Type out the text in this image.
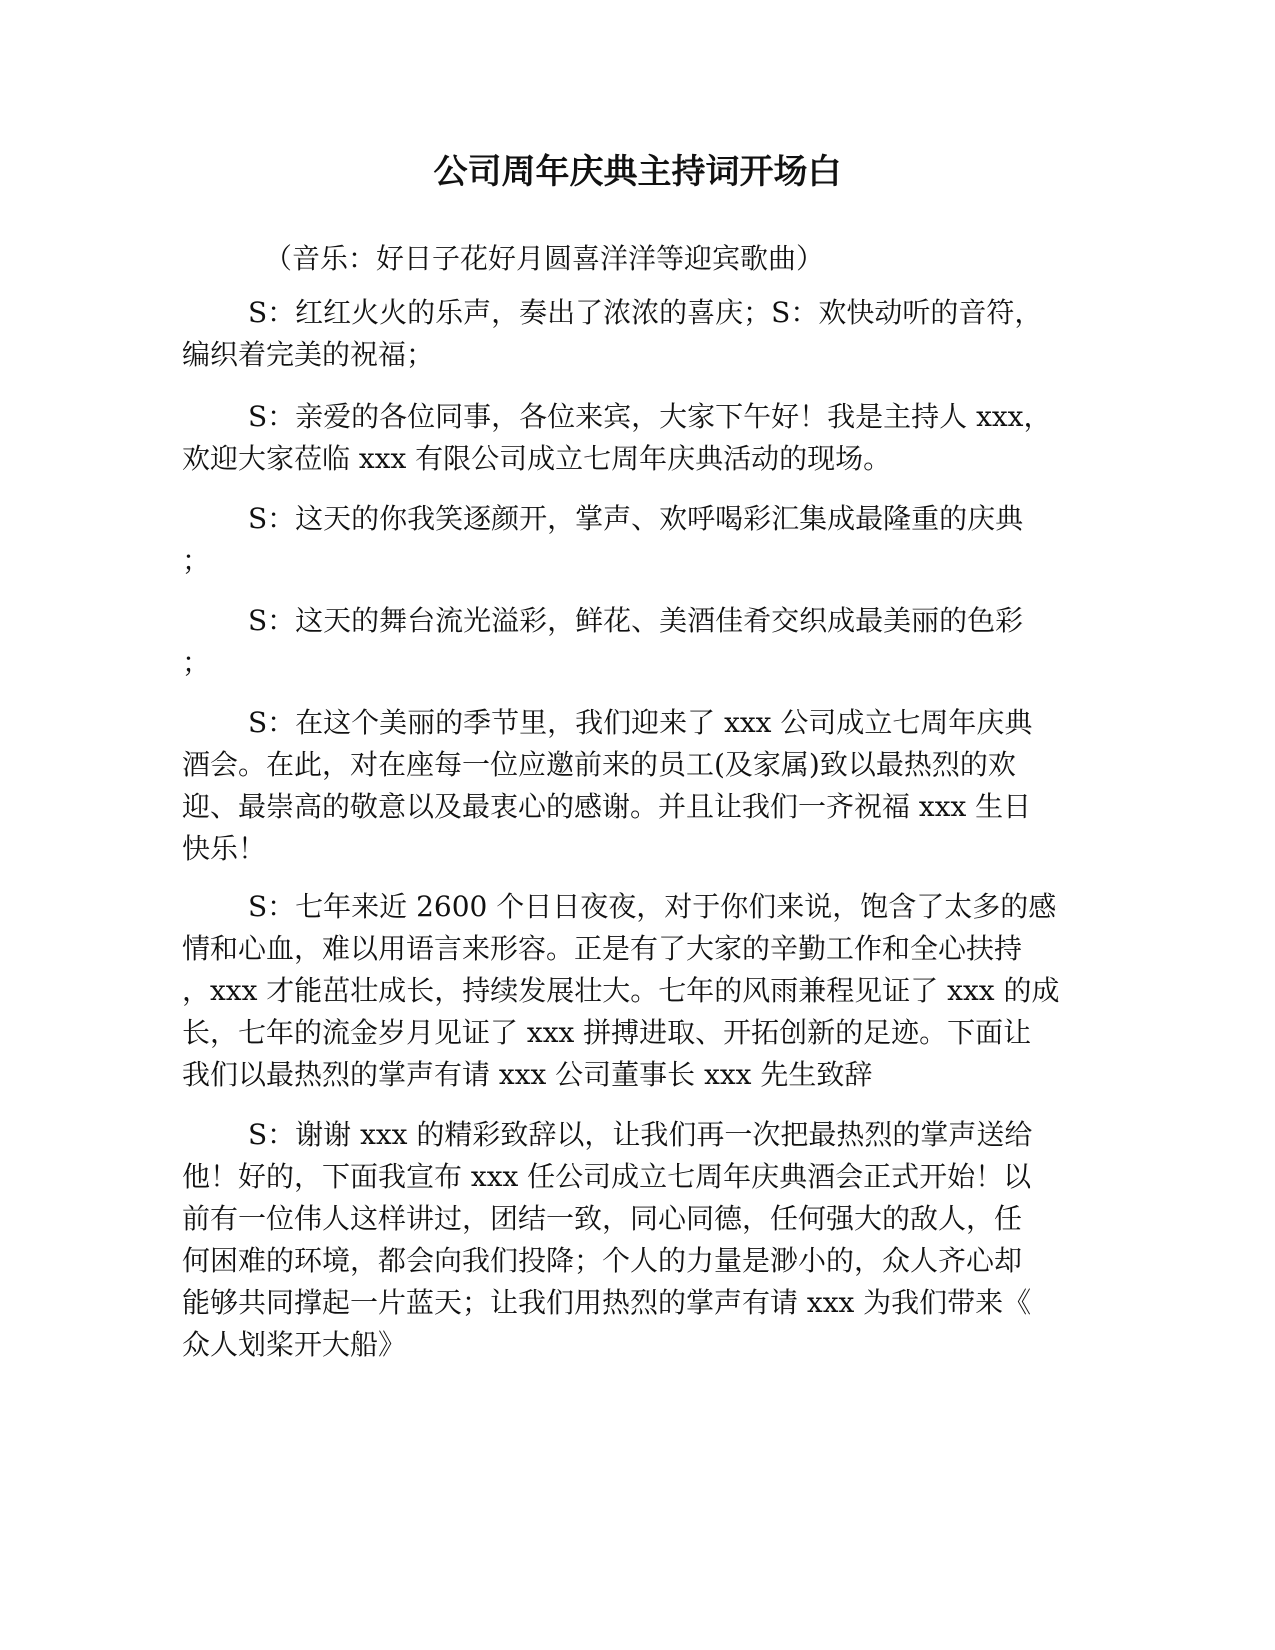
公司周年庆典主持词开场白

（音乐：好日子花好月圆喜洋洋等迎宾歌曲）

S：红红火火的乐声，奏出了浓浓的喜庆；S：欢快动听的音符，
编织着完美的祝福；

S：亲爱的各位同事，各位来宾，大家下午好！我是主持人 xxx，
欢迎大家莅临 xxx 有限公司成立七周年庆典活动的现场。

S：这天的你我笑逐颜开，掌声、欢呼喝彩汇集成最隆重的庆典
；

S：这天的舞台流光溢彩，鲜花、美酒佳肴交织成最美丽的色彩
；

S：在这个美丽的季节里，我们迎来了 xxx 公司成立七周年庆典
酒会。在此，对在座每一位应邀前来的员工(及家属)致以最热烈的欢
迎、最崇高的敬意以及最衷心的感谢。并且让我们一齐祝福 xxx 生日
快乐！

S：七年来近 2600 个日日夜夜，对于你们来说，饱含了太多的感
情和心血，难以用语言来形容。正是有了大家的辛勤工作和全心扶持
，xxx 才能茁壮成长，持续发展壮大。七年的风雨兼程见证了 xxx 的成
长，七年的流金岁月见证了 xxx 拼搏进取、开拓创新的足迹。下面让
我们以最热烈的掌声有请 xxx 公司董事长 xxx 先生致辞

S：谢谢 xxx 的精彩致辞以，让我们再一次把最热烈的掌声送给
他！好的，下面我宣布 xxx 任公司成立七周年庆典酒会正式开始！以
前有一位伟人这样讲过，团结一致，同心同德，任何强大的敌人，任
何困难的环境，都会向我们投降；个人的力量是渺小的，众人齐心却
能够共同撑起一片蓝天；让我们用热烈的掌声有请 xxx 为我们带来《
众人划桨开大船》
